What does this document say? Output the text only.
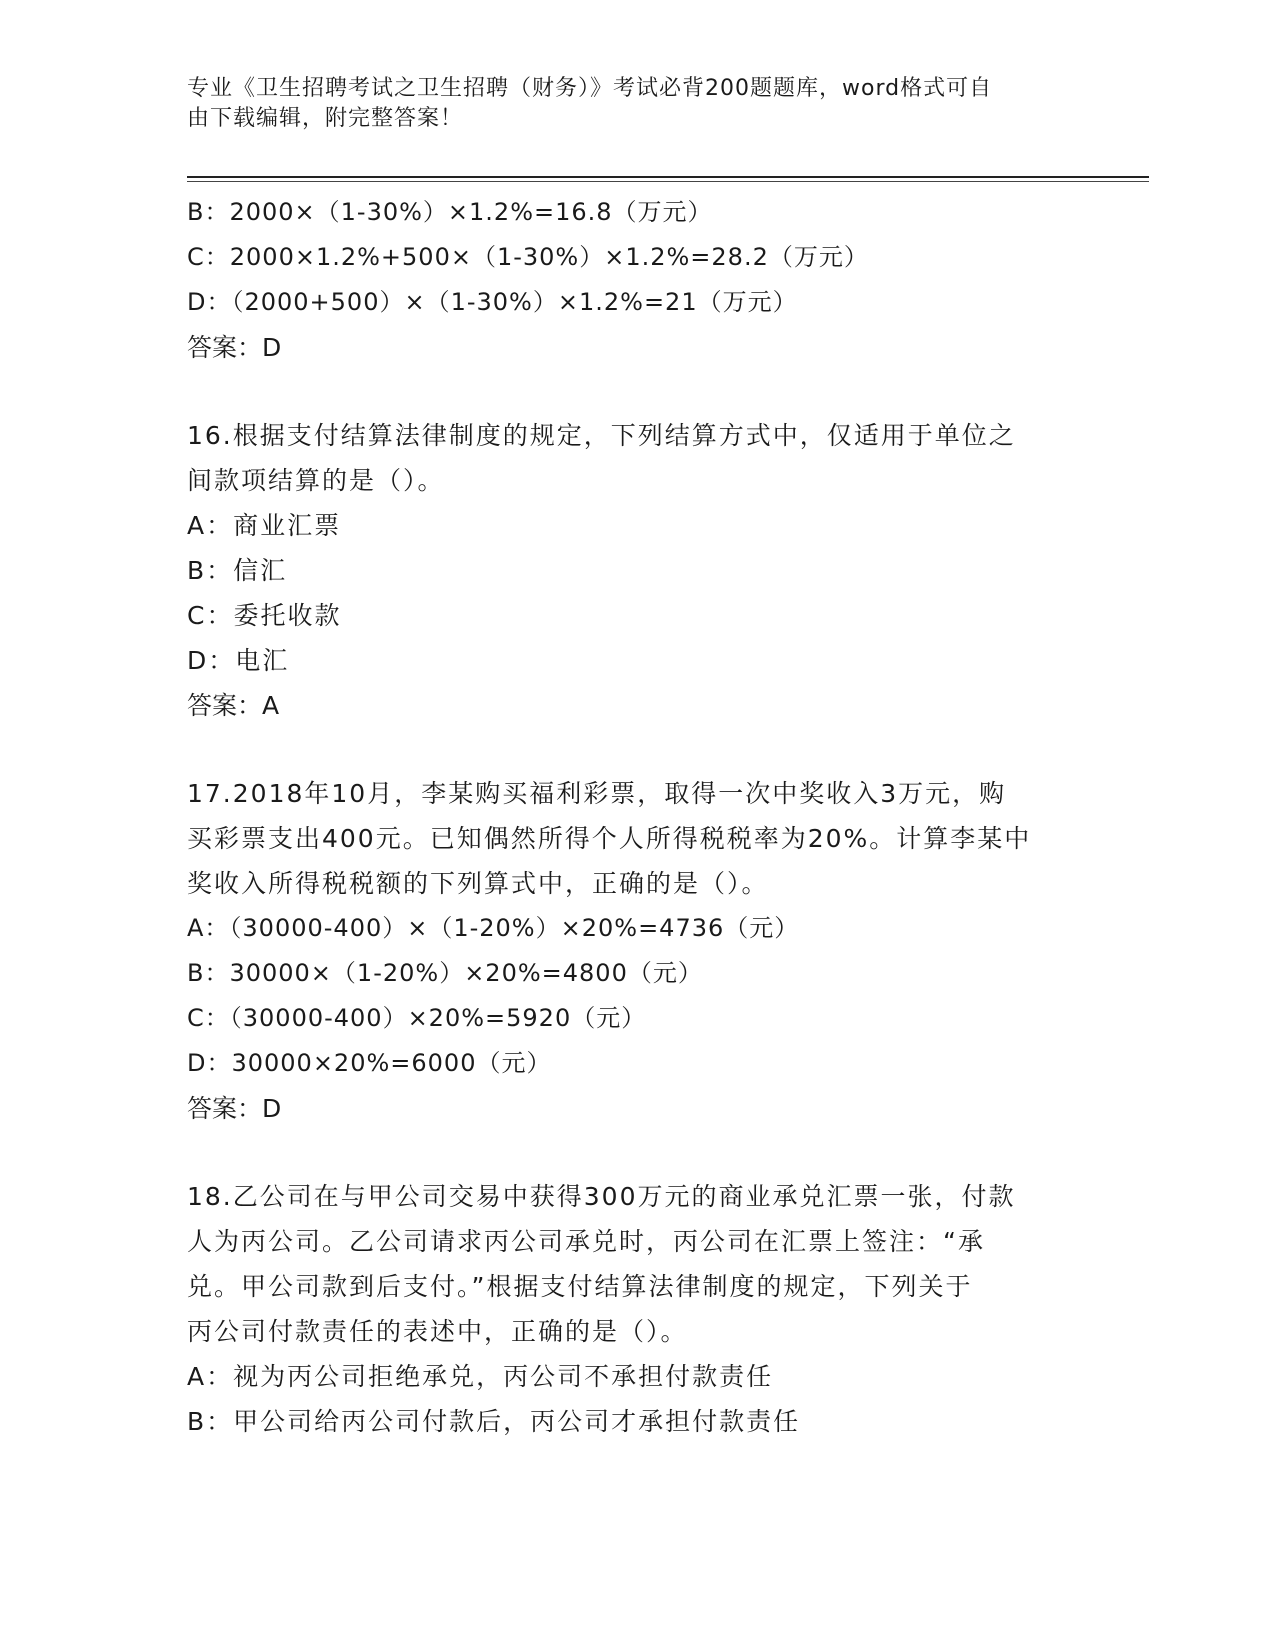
专业《卫生招聘考试之卫生招聘（财务）》考试必背200题题库，word格式可自
由下载编辑，附完整答案！
B：2000×（1-30%）×1.2%=16.8（万元）
C：2000×1.2%+500×（1-30%）×1.2%=28.2（万元）
D：（2000+500）×（1-30%）×1.2%=21（万元）
答案：D
16.根据支付结算法律制度的规定，下列结算方式中，仅适用于单位之
间款项结算的是（）。
A：商业汇票
B：信汇
C：委托收款
D：电汇
答案：A
17.2018年10月，李某购买福利彩票，取得一次中奖收入3万元，购
买彩票支出400元。已知偶然所得个人所得税税率为20%。计算李某中
奖收入所得税税额的下列算式中，正确的是（）。
A：（30000-400）×（1-20%）×20%=4736（元）
B：30000×（1-20%）×20%=4800（元）
C：（30000-400）×20%=5920（元）
D：30000×20%=6000（元）
答案：D
18.乙公司在与甲公司交易中获得300万元的商业承兑汇票一张，付款
人为丙公司。乙公司请求丙公司承兑时，丙公司在汇票上签注：“承
兑。甲公司款到后支付。”根据支付结算法律制度的规定，下列关于
丙公司付款责任的表述中，正确的是（）。
A：视为丙公司拒绝承兑，丙公司不承担付款责任
B：甲公司给丙公司付款后，丙公司才承担付款责任
